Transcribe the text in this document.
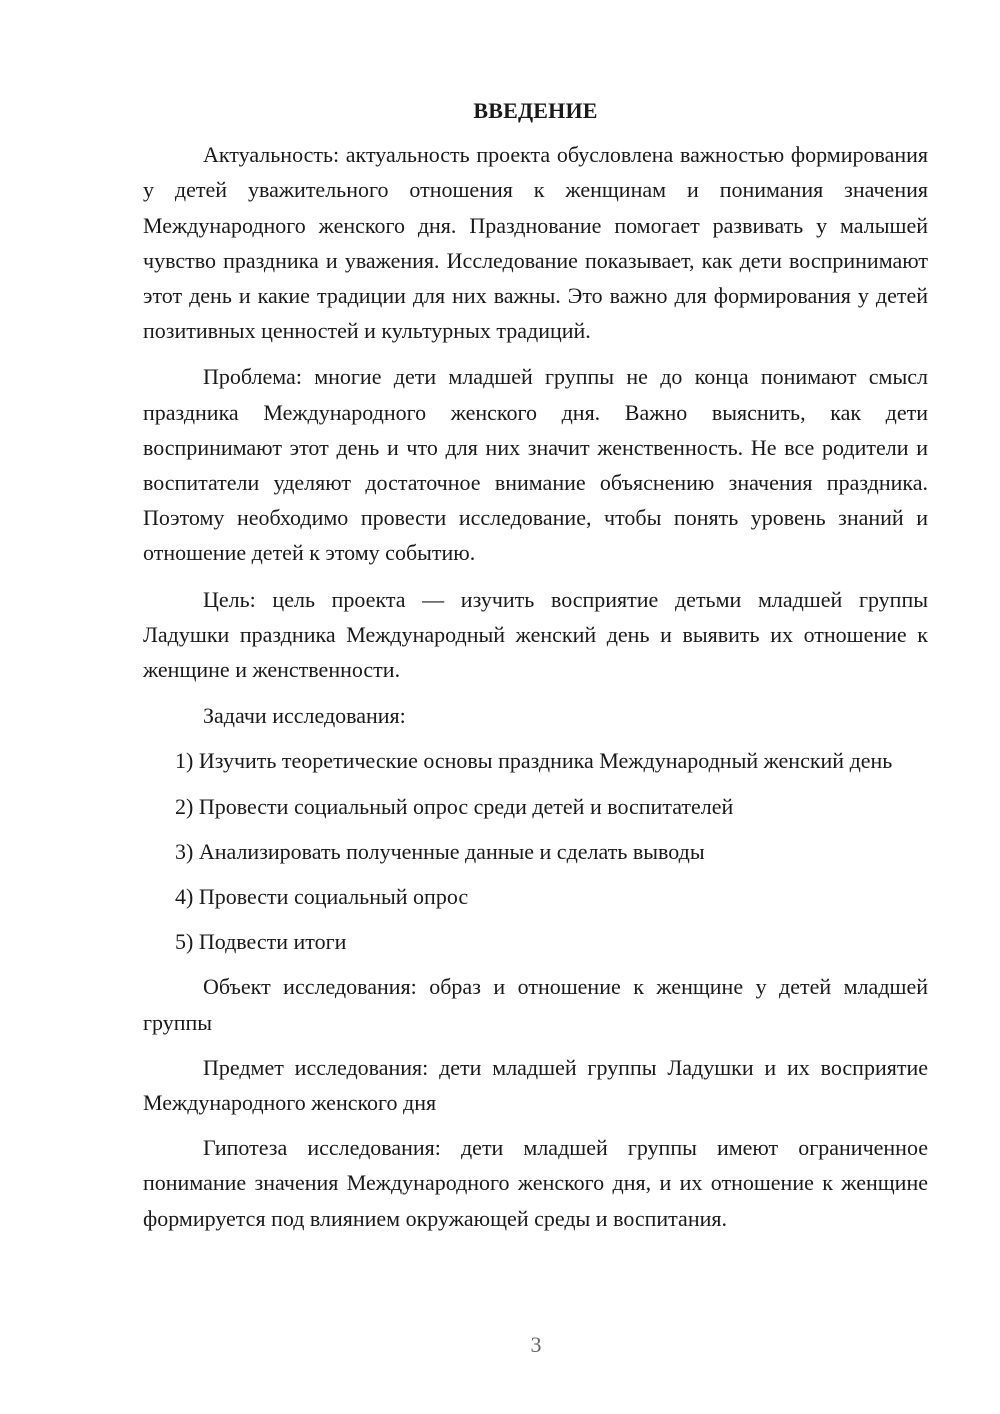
ВВЕДЕНИЕ

Актуальность: актуальность проекта обусловлена важностью формирования у детей уважительного отношения к женщинам и понимания значения Международного женского дня. Празднование помогает развивать у малышей чувство праздника и уважения. Исследование показывает, как дети воспринимают этот день и какие традиции для них важны. Это важно для формирования у детей позитивных ценностей и культурных традиций.

Проблема: многие дети младшей группы не до конца понимают смысл праздника Международного женского дня. Важно выяснить, как дети воспринимают этот день и что для них значит женственность. Не все родители и воспитатели уделяют достаточное внимание объяснению значения праздника. Поэтому необходимо провести исследование, чтобы понять уровень знаний и отношение детей к этому событию.

Цель: цель проекта — изучить восприятие детьми младшей группы Ладушки праздника Международный женский день и выявить их отношение к женщине и женственности.

Задачи исследования:

1) Изучить теоретические основы праздника Международный женский день

2) Провести социальный опрос среди детей и воспитателей

3) Анализировать полученные данные и сделать выводы

4) Провести социальный опрос

5) Подвести итоги

Объект исследования: образ и отношение к женщине у детей младшей группы

Предмет исследования: дети младшей группы Ладушки и их восприятие Международного женского дня

Гипотеза исследования: дети младшей группы имеют ограниченное понимание значения Международного женского дня, и их отношение к женщине формируется под влиянием окружающей среды и воспитания.

3
